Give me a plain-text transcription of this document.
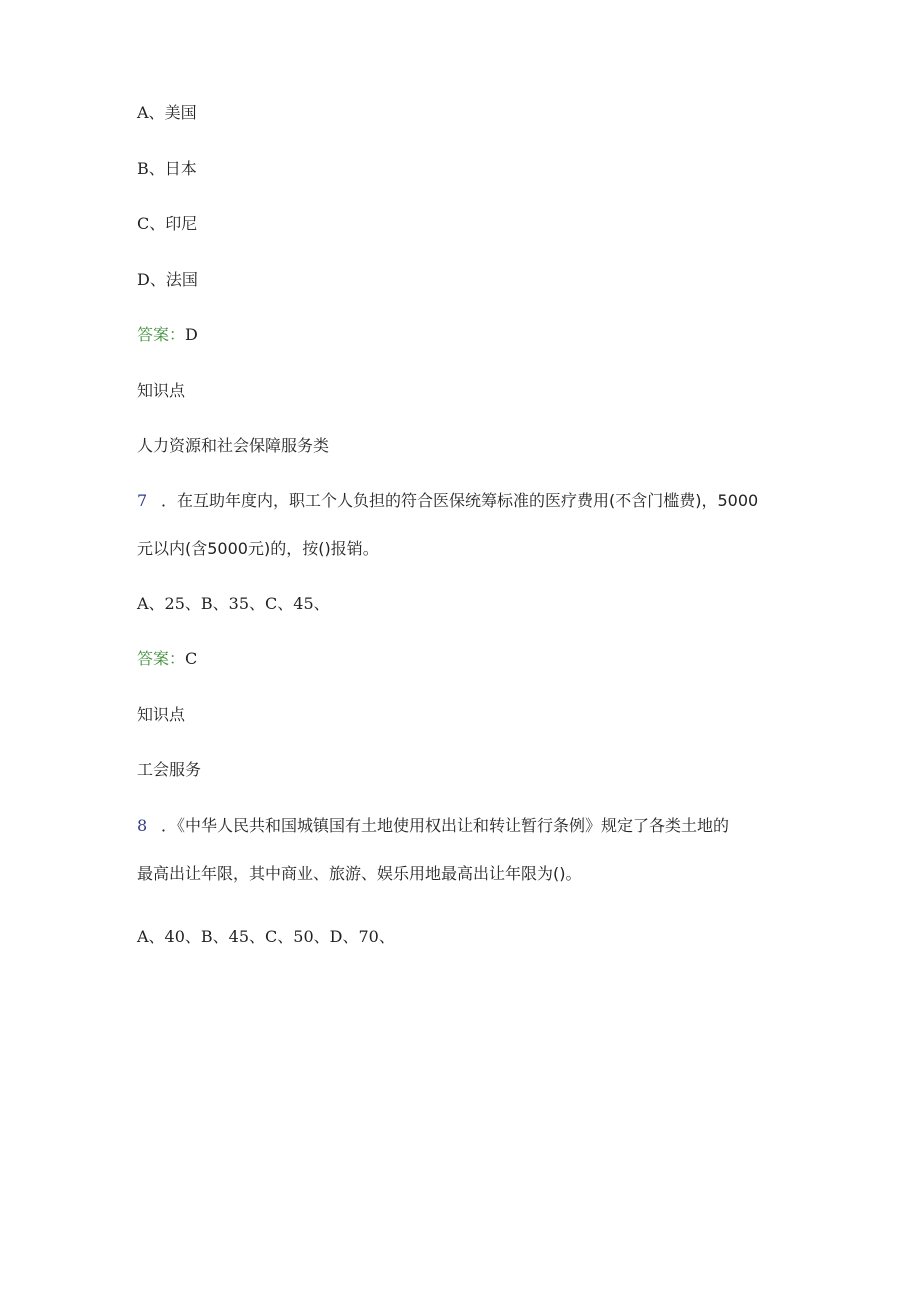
A、美国
B、日本
C、印尼
D、法国
答案：D
知识点
人力资源和社会保障服务类
7 ．在互助年度内，职工个人负担的符合医保统筹标准的医疗费用(不含门槛费)，5000
元以内(含5000元)的，按()报销。
A、25、B、35、C、45、
答案：C
知识点
工会服务
8 ．《中华人民共和国城镇国有土地使用权出让和转让暂行条例》规定了各类土地的
最高出让年限，其中商业、旅游、娱乐用地最高出让年限为()。
A、40、B、45、C、50、D、70、
